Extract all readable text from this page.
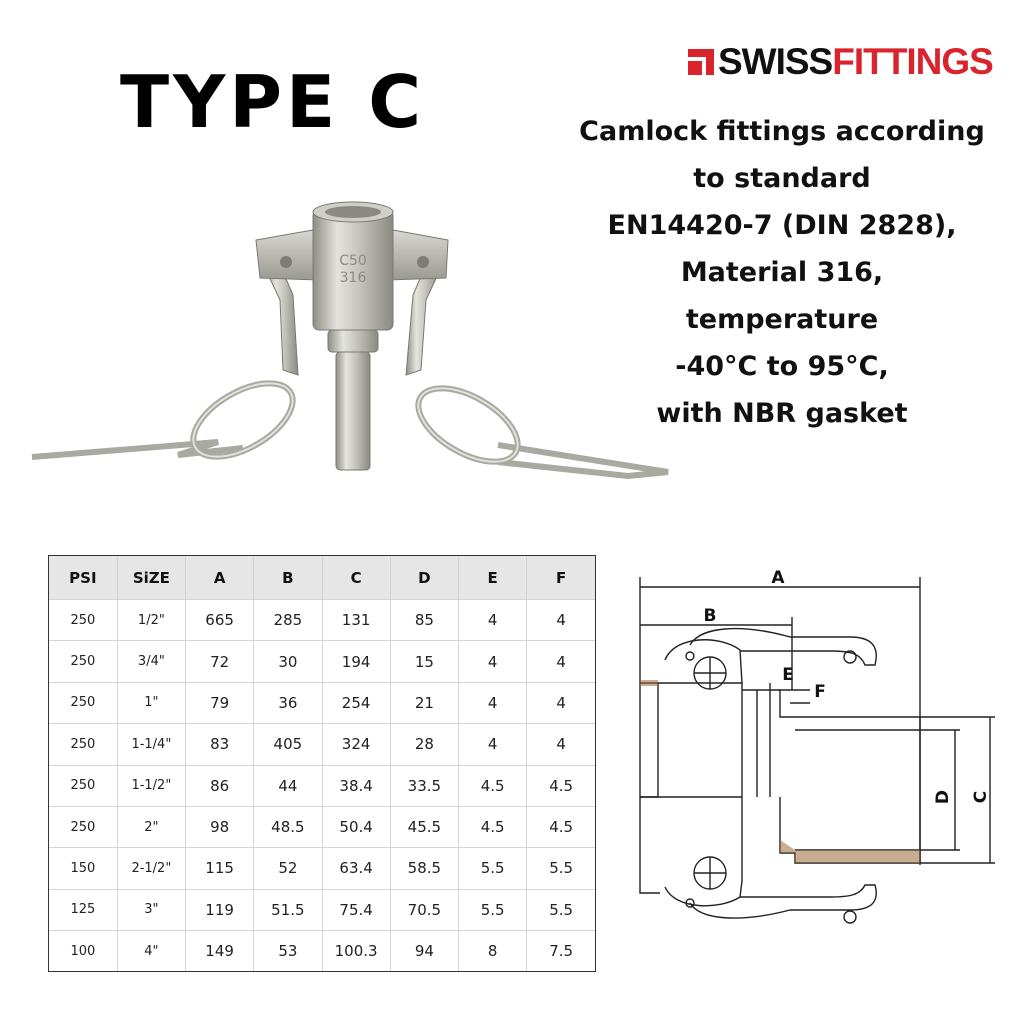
TYPE C	SWISS FITTINGS
Camlock fittings according
to standard
EN14420-7 (DIN 2828),
Material 316,
temperature
-40°C to 95°C,
with NBR gasket
C50
316
PSI	SiZE	A	B	C	D	E	F
250	1/2"	665	285	131	85	4	4
250	3/4"	72	30	194	15	4	4
250	1"	79	36	254	21	4	4
250	1-1/4"	83	405	324	28	4	4
250	1-1/2"	86	44	38.4	33.5	4.5	4.5
250	2"	98	48.5	50.4	45.5	4.5	4.5
150	2-1/2"	115	52	63.4	58.5	5.5	5.5
125	3"	119	51.5	75.4	70.5	5.5	5.5
100	4"	149	53	100.3	94	8	7.5
A
B
E
F
D C
